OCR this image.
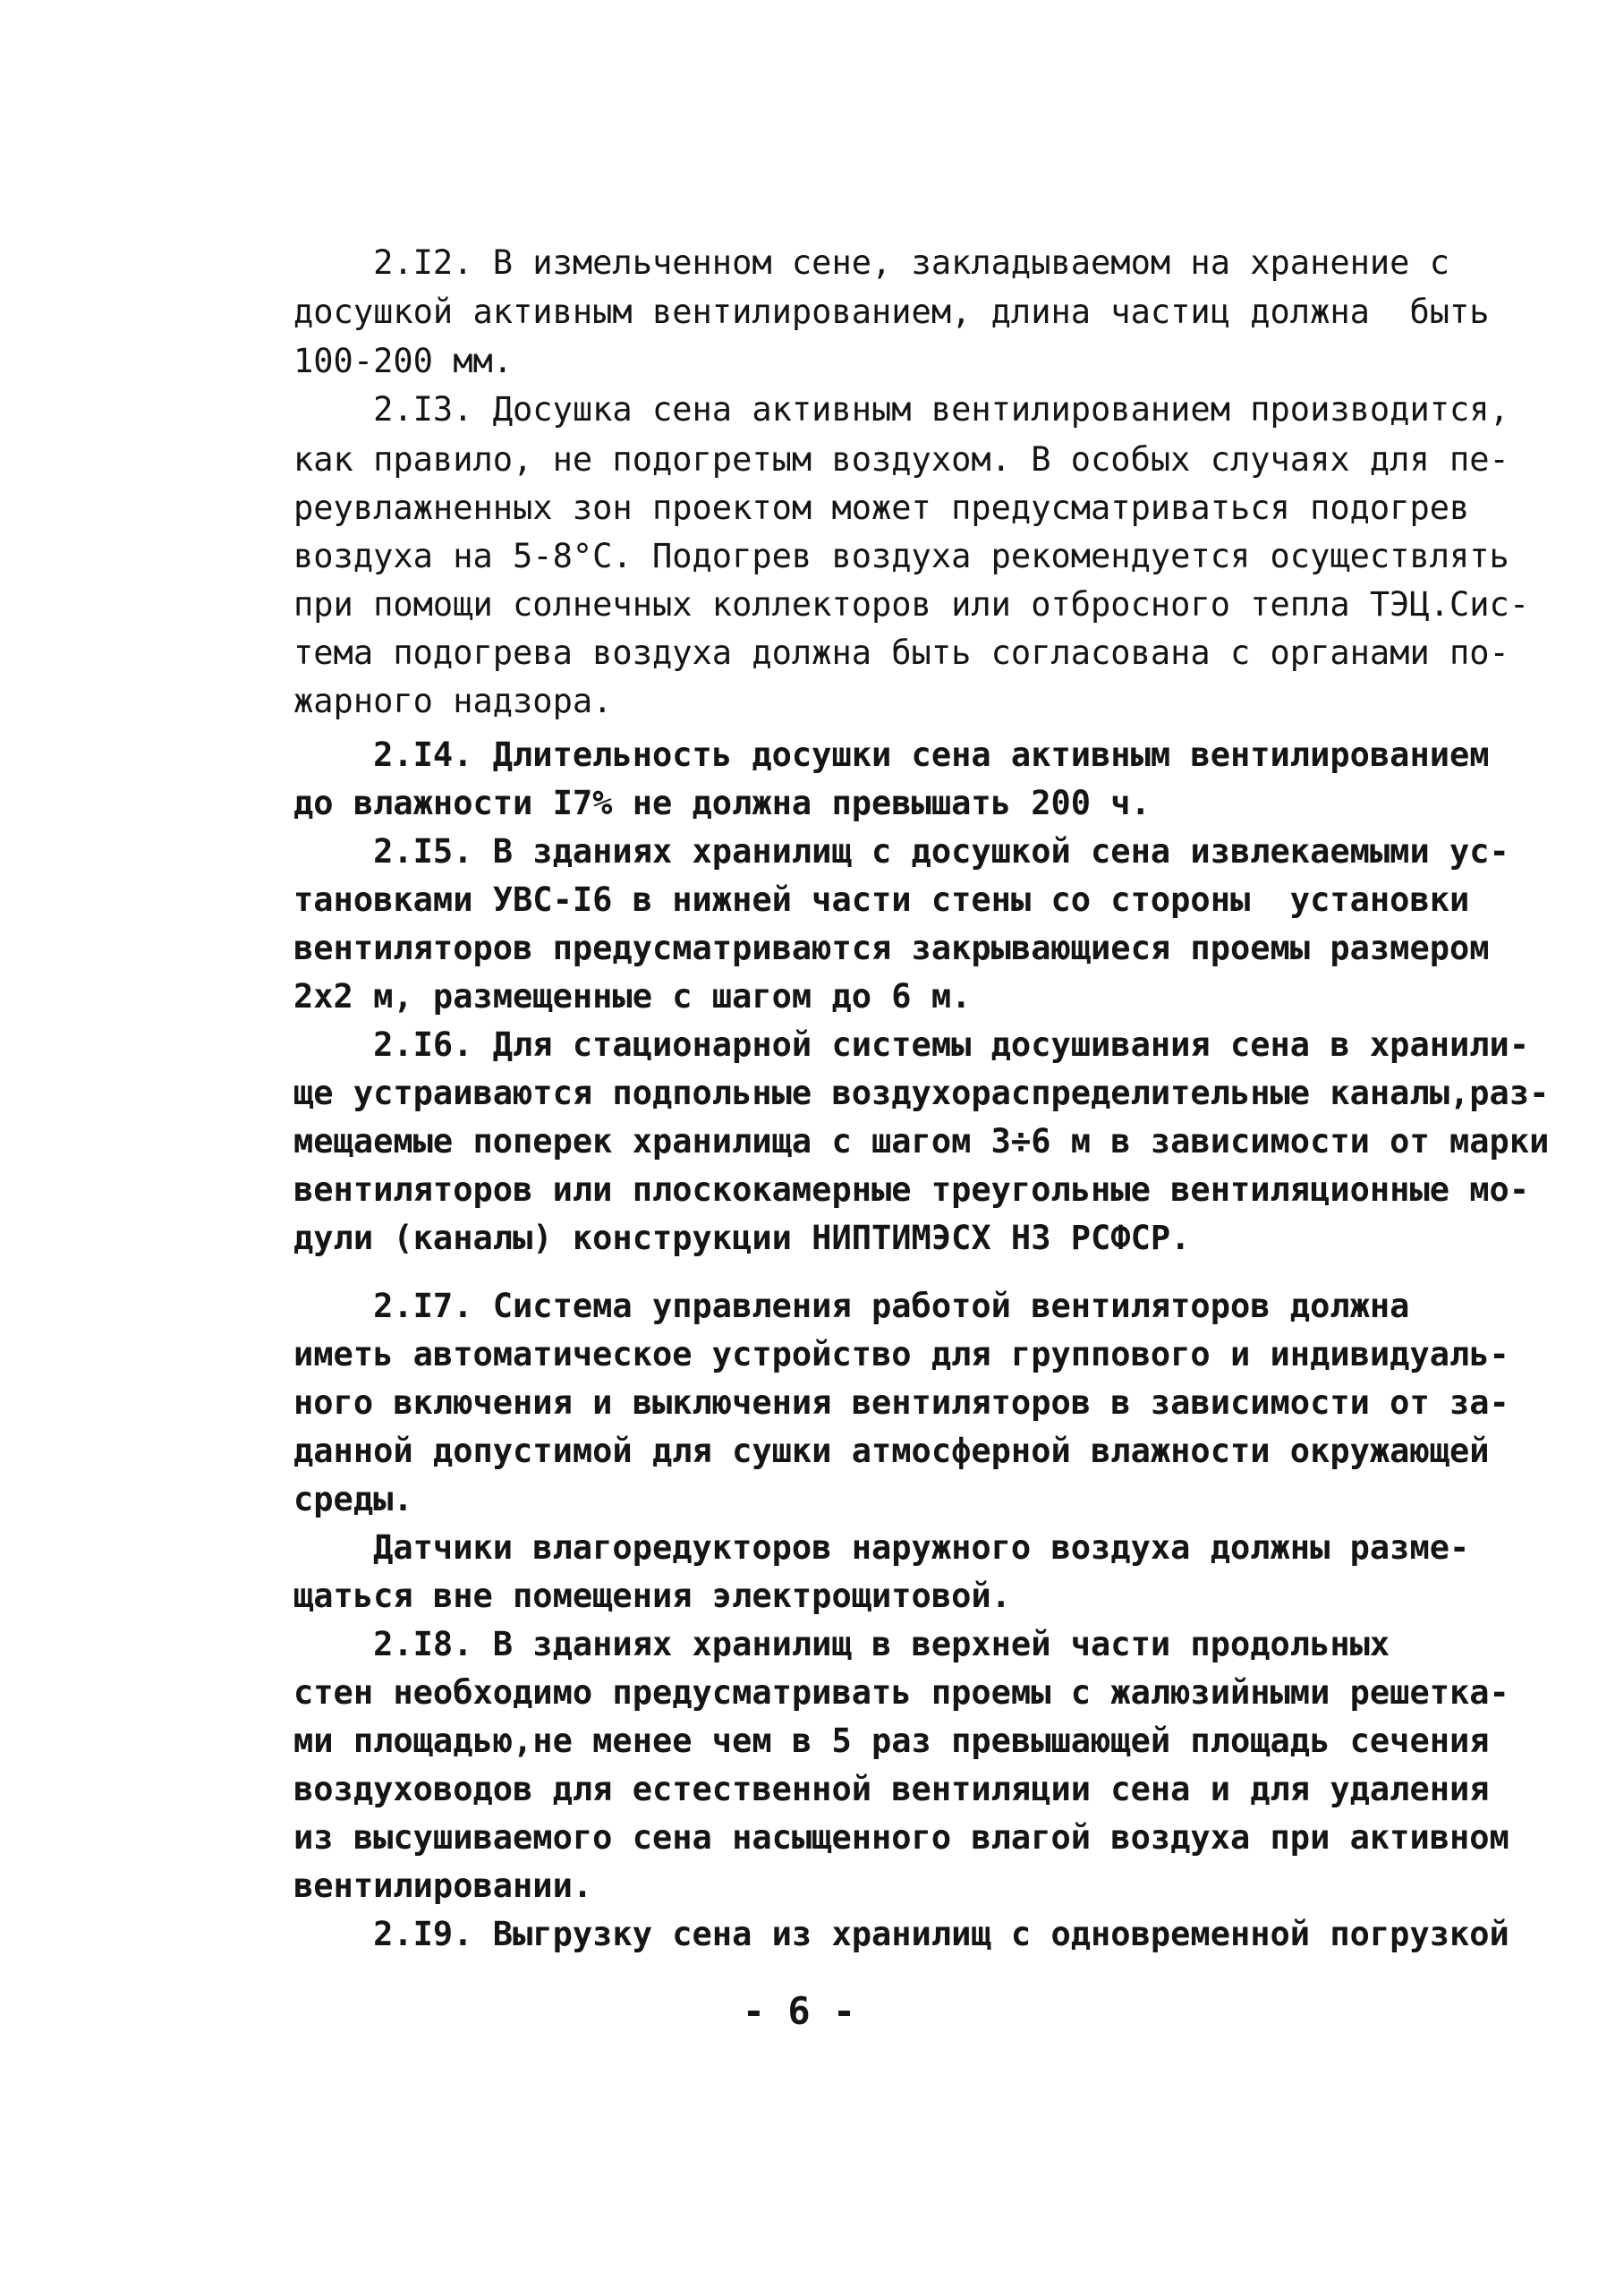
2.I2. В измельченном сене, закладываемом на хранение с
досушкой активным вентилированием, длина частиц должна  быть
100-200 мм.
2.I3. Досушка сена активным вентилированием производится,
как правило, не подогретым воздухом. В особых случаях для пе-
реувлажненных зон проектом может предусматриваться подогрев
воздуха на 5-8°С. Подогрев воздуха рекомендуется осуществлять
при помощи солнечных коллекторов или отбросного тепла ТЭЦ.Сис-
тема подогрева воздуха должна быть согласована с органами по-
жарного надзора.
2.I4. Длительность досушки сена активным вентилированием
до влажности I7% не должна превышать 200 ч.
2.I5. В зданиях хранилищ с досушкой сена извлекаемыми ус-
тановками УВС-I6 в нижней части стены со стороны  установки
вентиляторов предусматриваются закрывающиеся проемы размером
2х2 м, размещенные с шагом до 6 м.
2.I6. Для стационарной системы досушивания сена в хранили-
ще устраиваются подпольные воздухораспределительные каналы,раз-
мещаемые поперек хранилища с шагом 3÷6 м в зависимости от марки
вентиляторов или плоскокамерные треугольные вентиляционные мо-
дули (каналы) конструкции НИПТИМЭСХ НЗ РСФСР.
2.I7. Система управления работой вентиляторов должна
иметь автоматическое устройство для группового и индивидуаль-
ного включения и выключения вентиляторов в зависимости от за-
данной допустимой для сушки атмосферной влажности окружающей
среды.
Датчики влагоредукторов наружного воздуха должны разме-
щаться вне помещения электрощитовой.
2.I8. В зданиях хранилищ в верхней части продольных
стен необходимо предусматривать проемы с жалюзийными решетка-
ми площадью,не менее чем в 5 раз превышающей площадь сечения
воздуховодов для естественной вентиляции сена и для удаления
из высушиваемого сена насыщенного влагой воздуха при активном
вентилировании.
2.I9. Выгрузку сена из хранилищ с одновременной погрузкой
- 6 -
